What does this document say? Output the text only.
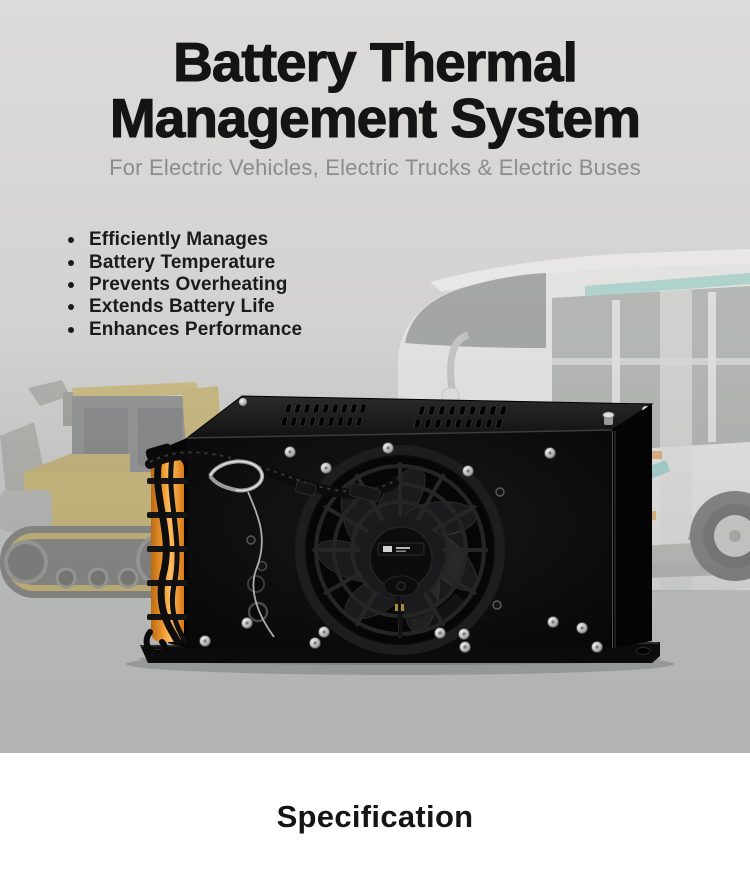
Battery Thermal
Management System

For Electric Vehicles, Electric Trucks & Electric Buses

Efficiently Manages
Battery Temperature
Prevents Overheating
Extends Battery Life
Enhances Performance
Specification
